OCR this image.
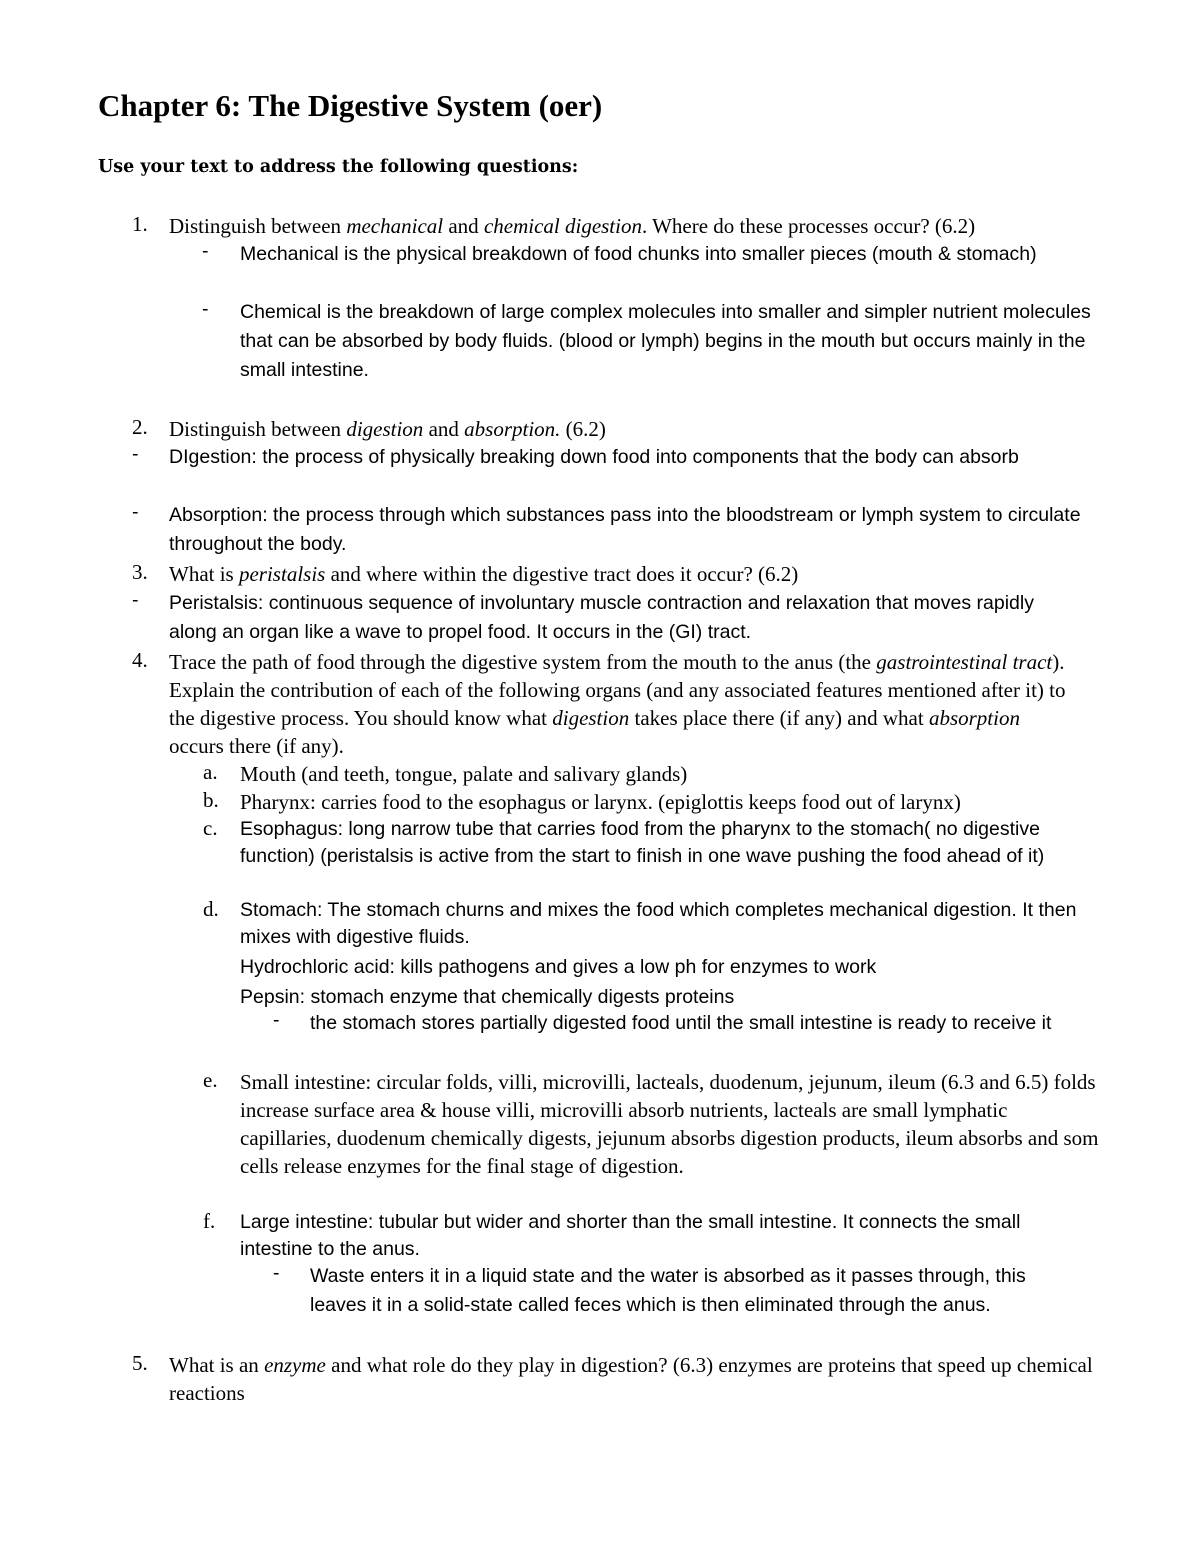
Chapter 6: The Digestive System (oer)
Use your text to address the following questions:
1. Distinguish between mechanical and chemical digestion. Where do these processes occur? (6.2)
- Mechanical is the physical breakdown of food chunks into smaller pieces (mouth & stomach)
- Chemical is the breakdown of large complex molecules into smaller and simpler nutrient molecules that can be absorbed by body fluids. (blood or lymph) begins in the mouth but occurs mainly in the small intestine.
2. Distinguish between digestion and absorption. (6.2)
- DIgestion: the process of physically breaking down food into components that the body can absorb
- Absorption: the process through which substances pass into the bloodstream or lymph system to circulate throughout the body.
3. What is peristalsis and where within the digestive tract does it occur? (6.2)
- Peristalsis: continuous sequence of involuntary muscle contraction and relaxation that moves rapidly along an organ like a wave to propel food. It occurs in the (GI) tract.
4. Trace the path of food through the digestive system from the mouth to the anus (the gastrointestinal tract). Explain the contribution of each of the following organs (and any associated features mentioned after it) to the digestive process. You should know what digestion takes place there (if any) and what absorption occurs there (if any).
a. Mouth (and teeth, tongue, palate and salivary glands)
b. Pharynx: carries food to the esophagus or larynx. (epiglottis keeps food out of larynx)
c. Esophagus: long narrow tube that carries food from the pharynx to the stomach( no digestive function) (peristalsis is active from the start to finish in one wave pushing the food ahead of it)
d. Stomach: The stomach churns and mixes the food which completes mechanical digestion. It then mixes with digestive fluids.

Hydrochloric acid: kills pathogens and gives a low ph for enzymes to work

Pepsin: stomach enzyme that chemically digests proteins

- the stomach stores partially digested food until the small intestine is ready to receive it
e. Small intestine: circular folds, villi, microvilli, lacteals, duodenum, jejunum, ileum (6.3 and 6.5) folds increase surface area & house villi, microvilli absorb nutrients, lacteals are small lymphatic capillaries, duodenum chemically digests, jejunum absorbs digestion products, ileum absorbs and som cells release enzymes for the final stage of digestion.
f. Large intestine: tubular but wider and shorter than the small intestine. It connects the small intestine to the anus.
- Waste enters it in a liquid state and the water is absorbed as it passes through, this leaves it in a solid-state called feces which is then eliminated through the anus.
5. What is an enzyme and what role do they play in digestion? (6.3) enzymes are proteins that speed up chemical reactions
